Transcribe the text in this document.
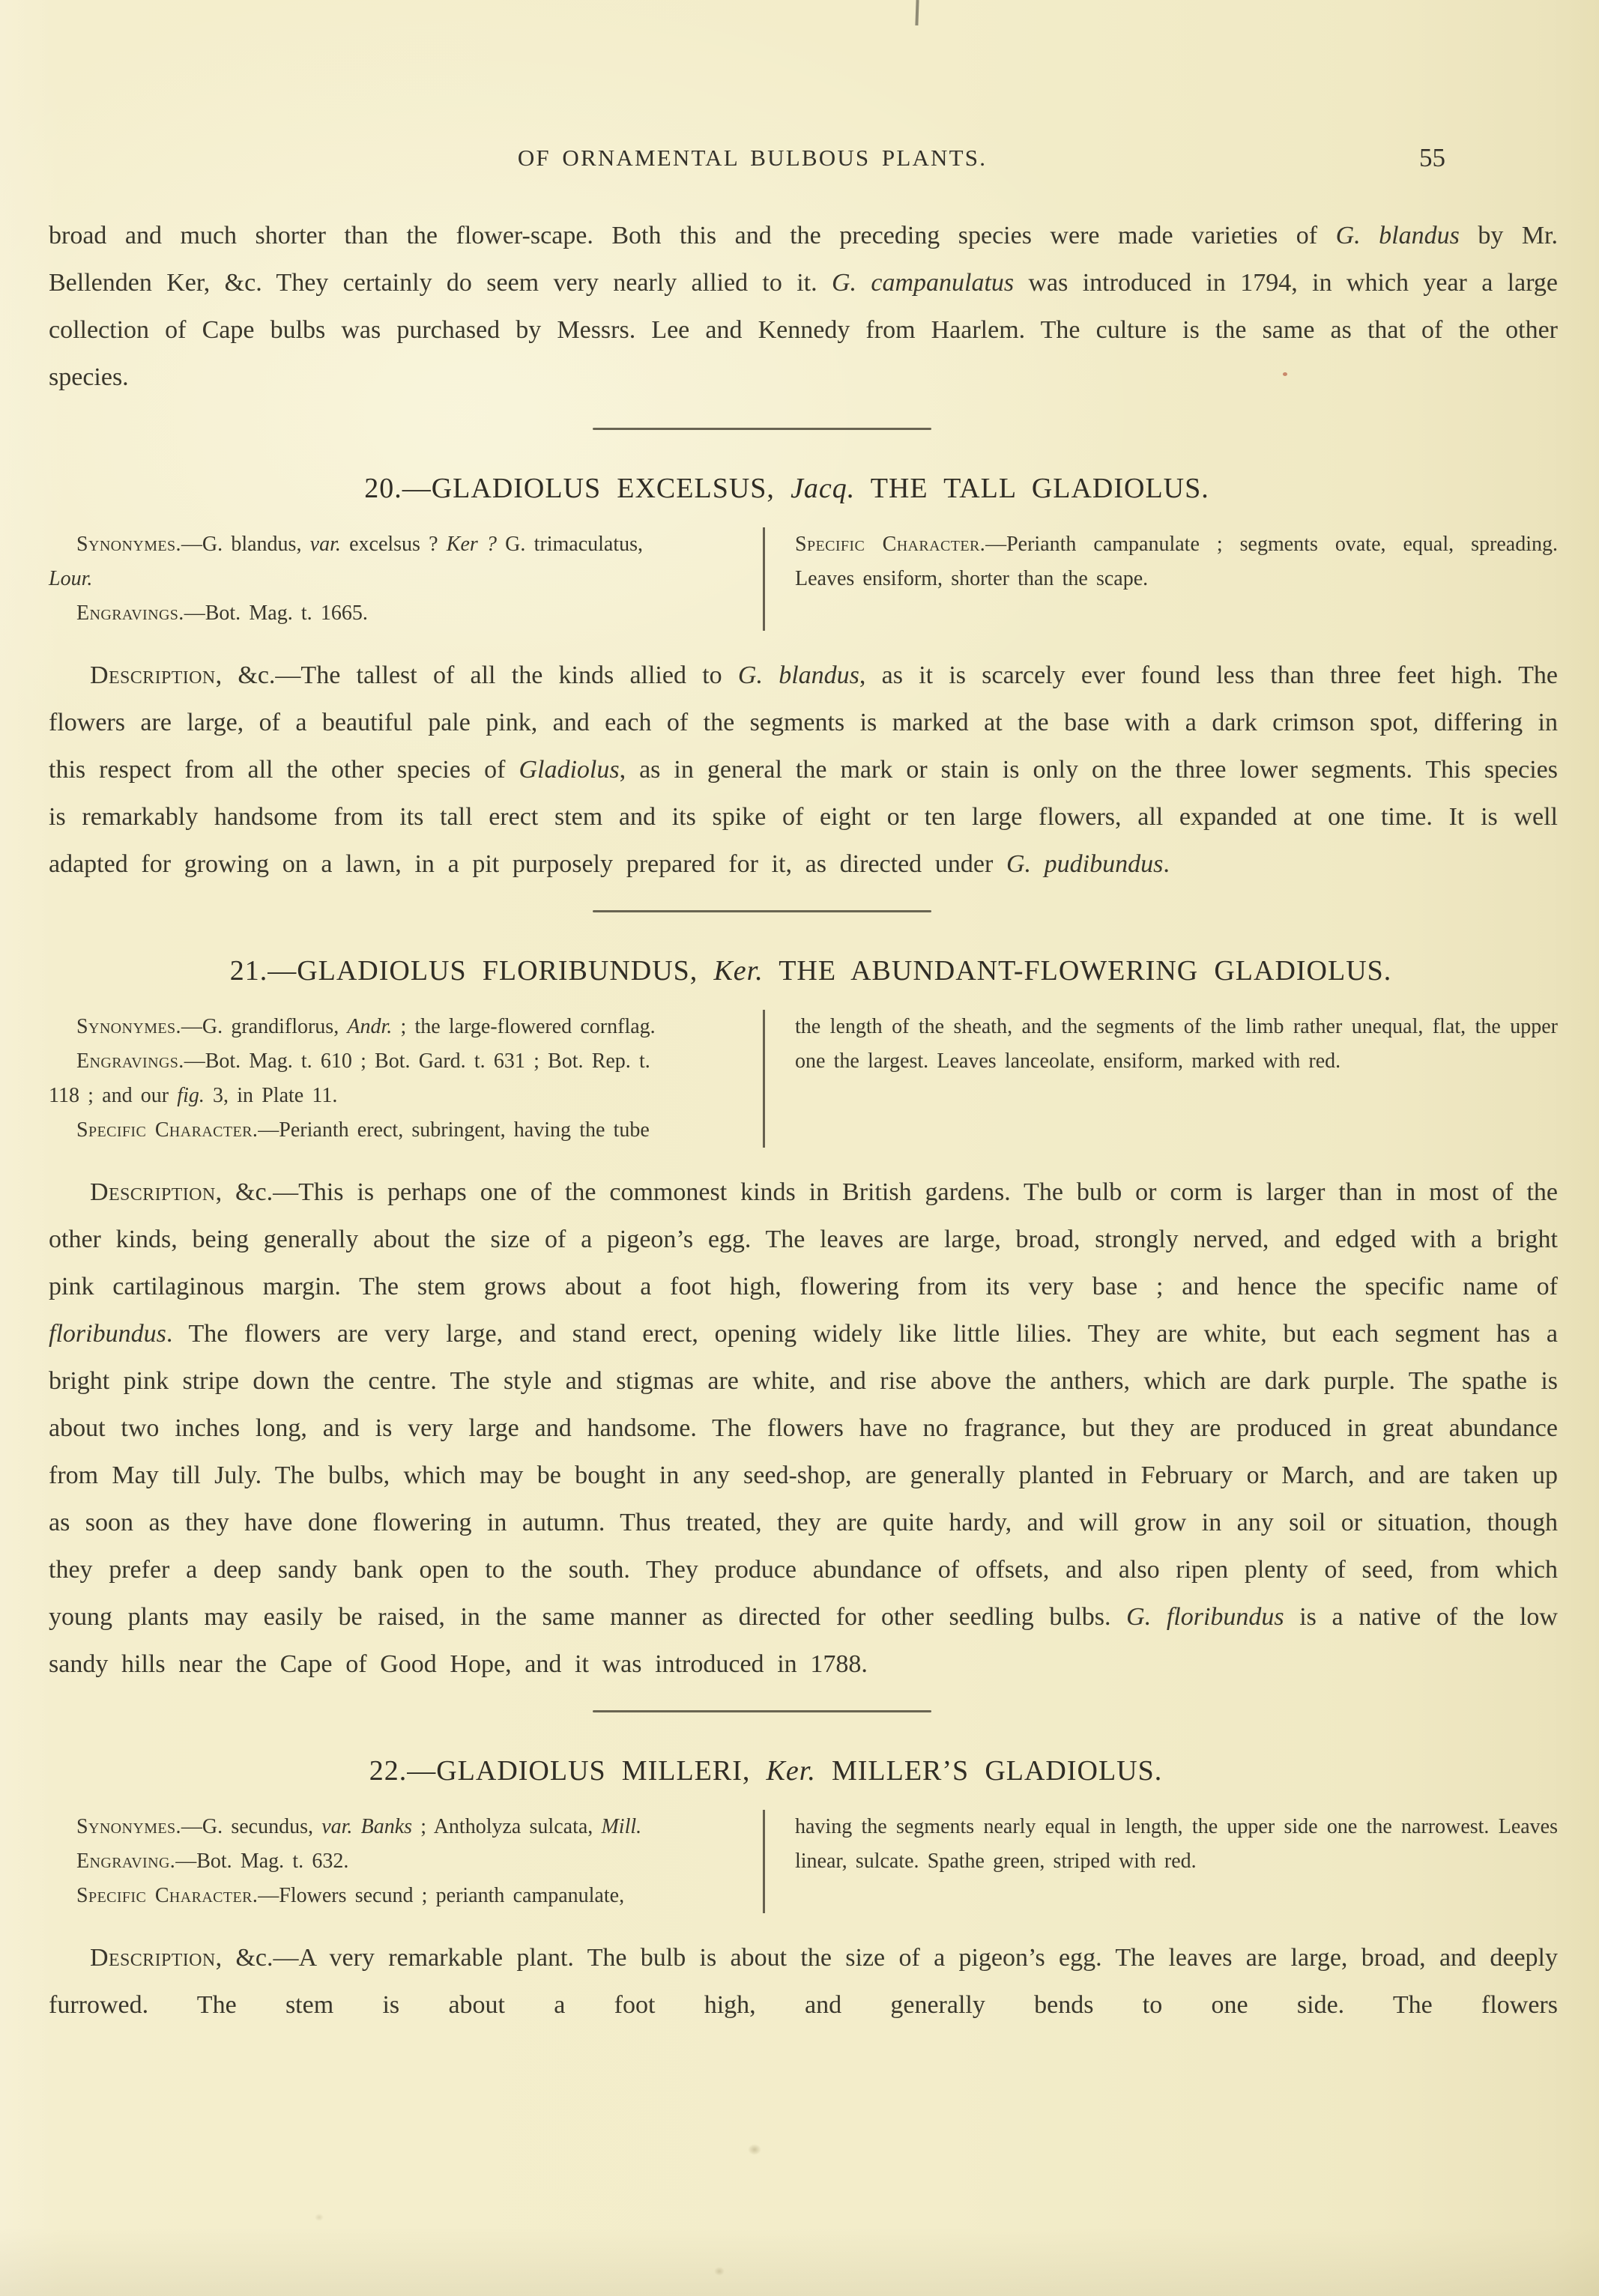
OF ORNAMENTAL BULBOUS PLANTS.	55

broad and much shorter than the flower-scape. Both this and the preceding species were made varieties of G. blandus by Mr. Bellenden Ker, &c. They certainly do seem very nearly allied to it. G. campanulatus was introduced in 1794, in which year a large collection of Cape bulbs was purchased by Messrs. Lee and Kennedy from Haarlem. The culture is the same as that of the other species.

20.—GLADIOLUS EXCELSUS, Jacq. THE TALL GLADIOLUS.

Synonymes.—G. blandus, var. excelsus ? Ker ? G. trimaculatus,
Lour.

Engravings.—Bot. Mag. t. 1665.

Specific Character.—Perianth campanulate ; segments ovate, equal, spreading. Leaves ensiform, shorter than the scape.

Description, &c.—The tallest of all the kinds allied to G. blandus, as it is scarcely ever found less than three feet high. The flowers are large, of a beautiful pale pink, and each of the segments is marked at the base with a dark crimson spot, differing in this respect from all the other species of Gladiolus, as in general the mark or stain is only on the three lower segments. This species is remarkably handsome from its tall erect stem and its spike of eight or ten large flowers, all expanded at one time. It is well adapted for growing on a lawn, in a pit purposely prepared for it, as directed under G. pudibundus.

21.—GLADIOLUS FLORIBUNDUS, Ker. THE ABUNDANT-FLOWERING GLADIOLUS.

Synonymes.—G. grandiflorus, Andr. ; the large-flowered cornflag.

Engravings.—Bot. Mag. t. 610 ; Bot. Gard. t. 631 ; Bot. Rep. t.
118 ; and our fig. 3, in Plate 11.

Specific Character.—Perianth erect, subringent, having the tube

the length of the sheath, and the segments of the limb rather unequal, flat, the upper one the largest. Leaves lanceolate, ensiform, marked with red.

Description, &c.—This is perhaps one of the commonest kinds in British gardens. The bulb or corm is larger than in most of the other kinds, being generally about the size of a pigeon’s egg. The leaves are large, broad, strongly nerved, and edged with a bright pink cartilaginous margin. The stem grows about a foot high, flowering from its very base ; and hence the specific name of floribundus. The flowers are very large, and stand erect, opening widely like little lilies. They are white, but each segment has a bright pink stripe down the centre. The style and stigmas are white, and rise above the anthers, which are dark purple. The spathe is about two inches long, and is very large and handsome. The flowers have no fragrance, but they are produced in great abundance from May till July. The bulbs, which may be bought in any seed-shop, are generally planted in February or March, and are taken up as soon as they have done flowering in autumn. Thus treated, they are quite hardy, and will grow in any soil or situation, though they prefer a deep sandy bank open to the south. They produce abundance of offsets, and also ripen plenty of seed, from which young plants may easily be raised, in the same manner as directed for other seedling bulbs. G. floribundus is a native of the low sandy hills near the Cape of Good Hope, and it was introduced in 1788.

22.—GLADIOLUS MILLERI, Ker. MILLER’S GLADIOLUS.

Synonymes.—G. secundus, var. Banks ; Antholyza sulcata, Mill.

Engraving.—Bot. Mag. t. 632.

Specific Character.—Flowers secund ; perianth campanulate,

having the segments nearly equal in length, the upper side one the narrowest. Leaves linear, sulcate. Spathe green, striped with red.

Description, &c.—A very remarkable plant. The bulb is about the size of a pigeon’s egg. The leaves are large, broad, and deeply furrowed. The stem is about a foot high, and generally bends to one side. The flowers
